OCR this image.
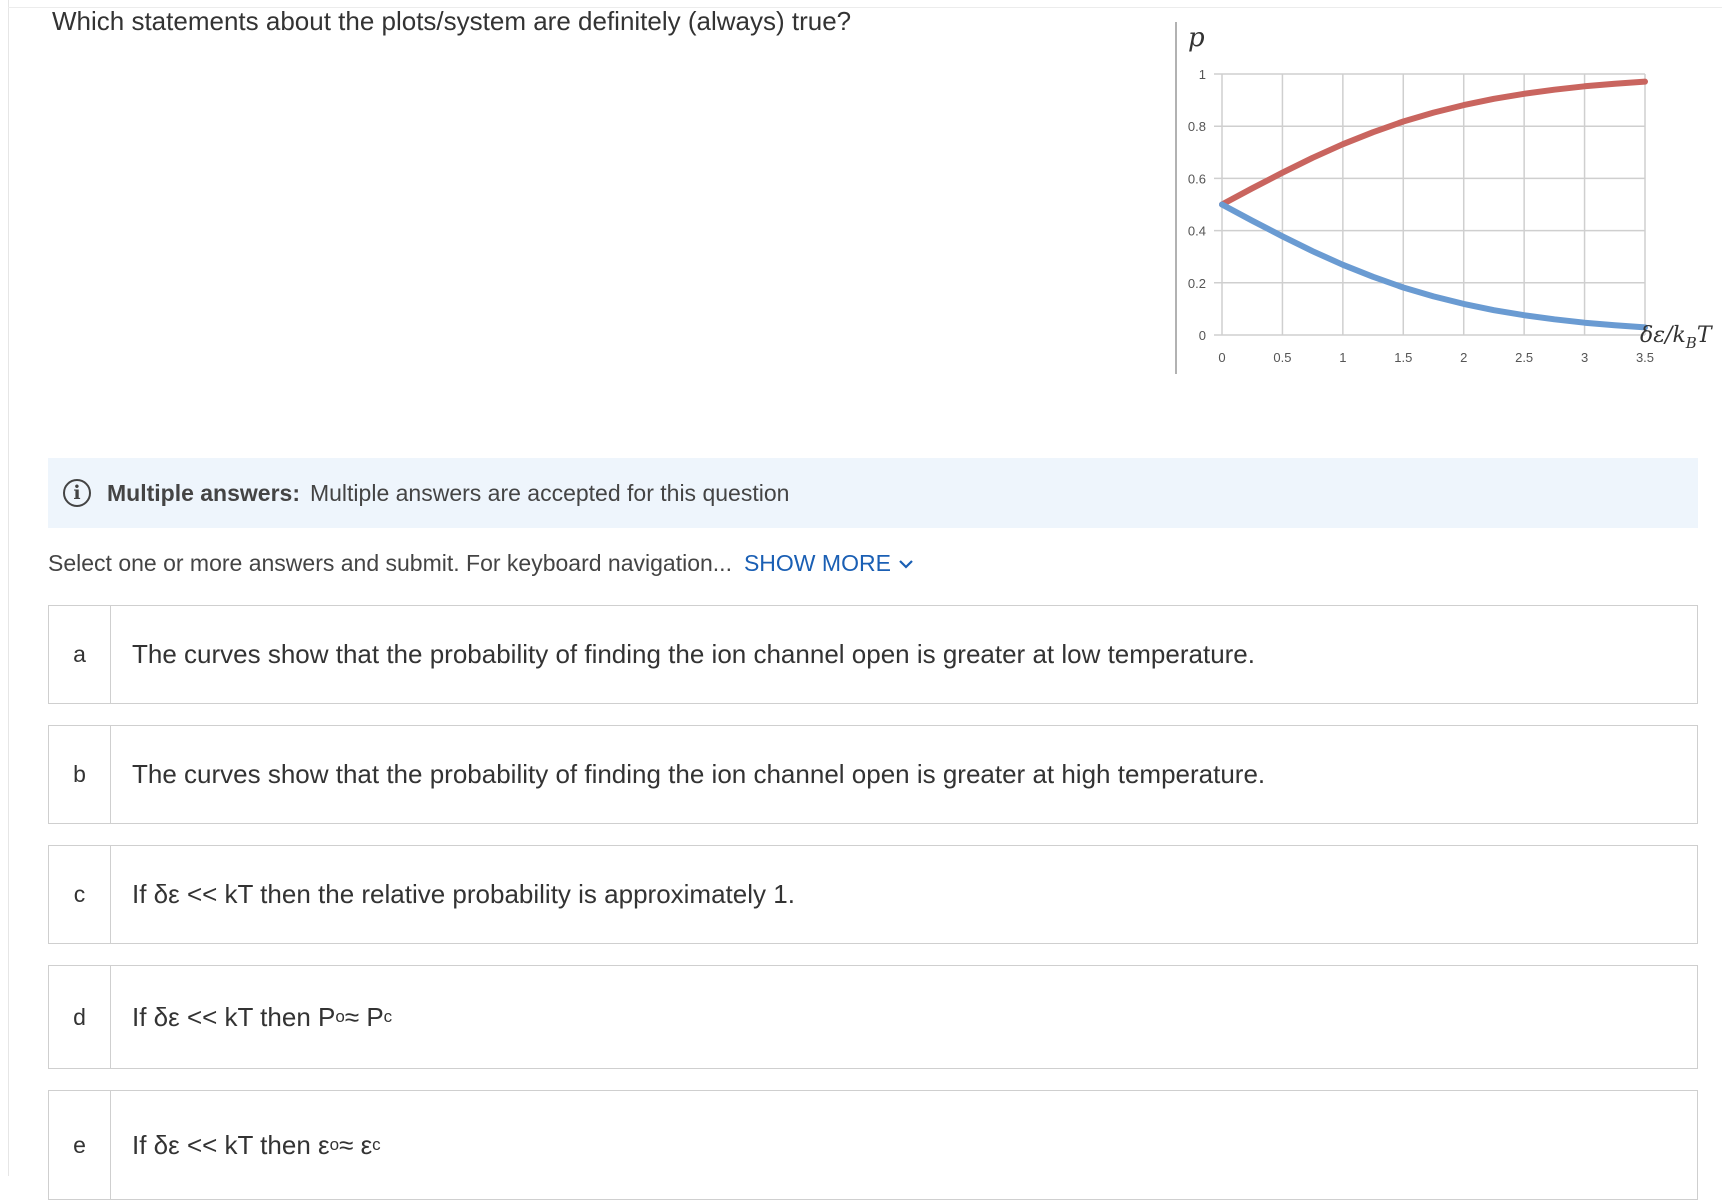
Which statements about the plots/system are definitely (always) true?
p
0	0.5	1	1.5	2	2.5	3	3.5
0
0.2
0.4
0.6
0.8
1
$\delta\varepsilon/k_BT$
i	Multiple answers: Multiple answers are accepted for this question
Select one or more answers and submit. For keyboard navigation... SHOW MORE
a	The curves show that the probability of finding the ion channel open is greater at low temperature.
b	The curves show that the probability of finding the ion channel open is greater at high temperature.
c	If δε << kT then the relative probability is approximately 1.
d	If δε << kT then P o ≈ P c
e	If δε << kT then ε o ≈ ε c
